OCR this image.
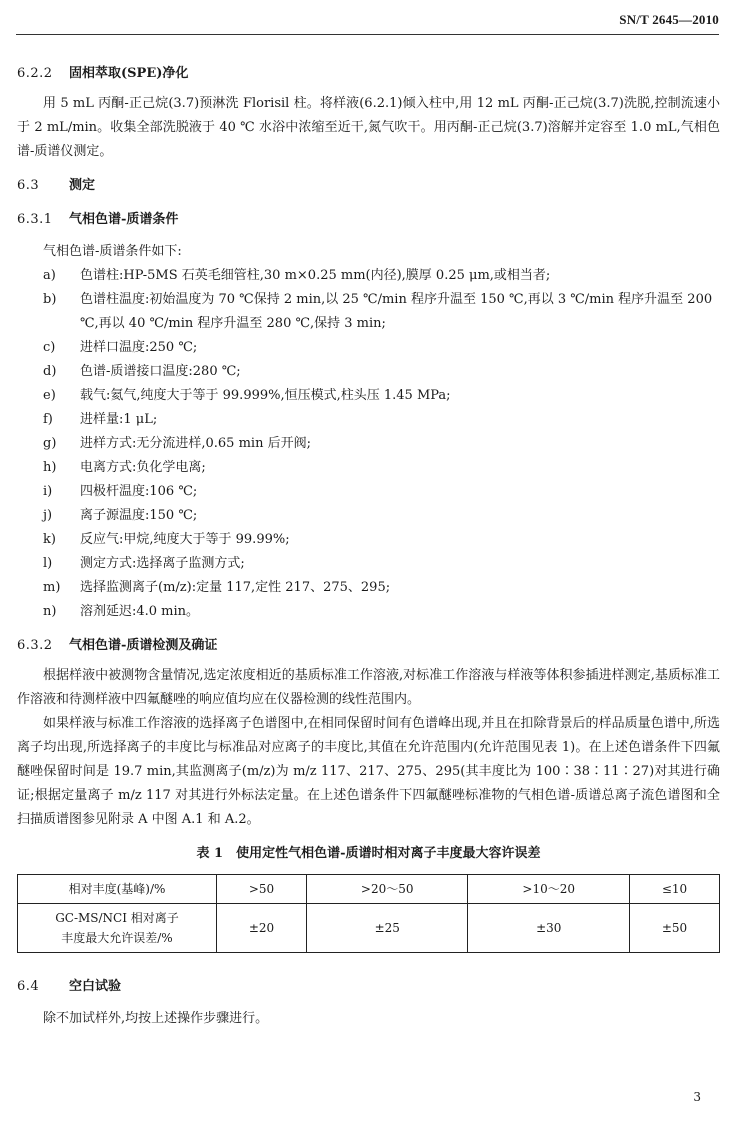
SN/T 2645—2010
6.2.2 固相萃取(SPE)净化

用 5 mL 丙酮-正己烷(3.7)预淋洗 Florisil 柱。将样液(6.2.1)倾入柱中,用 12 mL 丙酮-正己烷(3.7)洗脱,控制流速小于 2 mL/min。收集全部洗脱液于 40 ℃ 水浴中浓缩至近干,氮气吹干。用丙酮-正己烷(3.7)溶解并定容至 1.0 mL,气相色谱-质谱仪测定。

6.3 测定
6.3.1 气相色谱-质谱条件

气相色谱-质谱条件如下:

a) 色谱柱:HP-5MS 石英毛细管柱,30 m×0.25 mm(内径),膜厚 0.25 μm,或相当者;
b) 色谱柱温度:初始温度为 70 ℃保持 2 min,以 25 ℃/min 程序升温至 150 ℃,再以 3 ℃/min 程序升温至 200 ℃,再以 40 ℃/min 程序升温至 280 ℃,保持 3 min;
c) 进样口温度:250 ℃;
d) 色谱-质谱接口温度:280 ℃;
e) 载气:氦气,纯度大于等于 99.999%,恒压模式,柱头压 1.45 MPa;
f) 进样量:1 μL;
g) 进样方式:无分流进样,0.65 min 后开阀;
h) 电离方式:负化学电离;
i) 四极杆温度:106 ℃;
j) 离子源温度:150 ℃;
k) 反应气:甲烷,纯度大于等于 99.99%;
l) 测定方式:选择离子监测方式;
m) 选择监测离子(m/z):定量 117,定性 217、275、295;
n) 溶剂延迟:4.0 min。
6.3.2 气相色谱-质谱检测及确证

根据样液中被测物含量情况,选定浓度相近的基质标准工作溶液,对标准工作溶液与样液等体积参插进样测定,基质标准工作溶液和待测样液中四氟醚唑的响应值均应在仪器检测的线性范围内。

如果样液与标准工作溶液的选择离子色谱图中,在相同保留时间有色谱峰出现,并且在扣除背景后的样品质量色谱中,所选离子均出现,所选择离子的丰度比与标准品对应离子的丰度比,其值在允许范围内(允许范围见表 1)。在上述色谱条件下四氟醚唑保留时间是 19.7 min,其监测离子(m/z)为 m/z 117、217、275、295(其丰度比为 100∶38∶11∶27)对其进行确证;根据定量离子 m/z 117 对其进行外标法定量。在上述色谱条件下四氟醚唑标准物的气相色谱-质谱总离子流色谱图和全扫描质谱图参见附录 A 中图 A.1 和 A.2。

表 1　使用定性气相色谱-质谱时相对离子丰度最大容许误差
相对丰度(基峰)/%	>50	>20～50	>10～20	≤10
GC-MS/NCI 相对离子
丰度最大允许误差/%	±20	±25	±30	±50
6.4 空白试验

除不加试样外,均按上述操作步骤进行。

3
